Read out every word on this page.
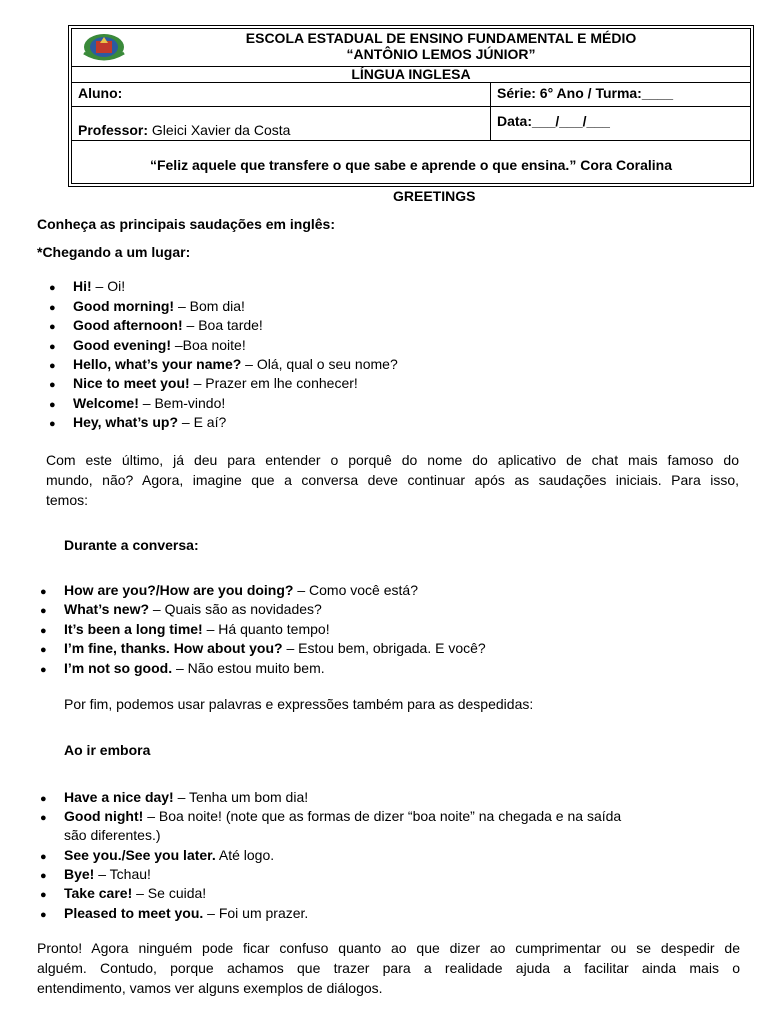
ESCOLA ESTADUAL DE ENSINO FUNDAMENTAL E MÉDIO
“ANTÔNIO LEMOS JÚNIOR”
LÍNGUA INGLESA
Aluno:	Série: 6° Ano / Turma:____
Professor: Gleici Xavier da Costa
Data:___/___/___
“Feliz aquele que transfere o que sabe e aprende o que ensina.” Cora Coralina
GREETINGS
Conheça as principais saudações em inglês:
*Chegando a um lugar:
● Hi! – Oi!
● Good morning! – Bom dia!
● Good afternoon! – Boa tarde!
● Good evening! –Boa noite!
● Hello, what’s your name? – Olá, qual o seu nome?
● Nice to meet you! – Prazer em lhe conhecer!
● Welcome! – Bem-vindo!
● Hey, what’s up? – E aí?
Com este último, já deu para entender o porquê do nome do aplicativo de chat mais famoso do
mundo, não? Agora, imagine que a conversa deve continuar após as saudações iniciais. Para isso,
temos:
Durante a conversa:
● How are you?/How are you doing? – Como você está?
● What’s new? – Quais são as novidades?
● It’s been a long time! – Há quanto tempo!
● I’m fine, thanks. How about you? – Estou bem, obrigada. E você?
● I’m not so good. – Não estou muito bem.
Por fim, podemos usar palavras e expressões também para as despedidas:
Ao ir embora
● Have a nice day! – Tenha um bom dia!
● Good night! – Boa noite! (note que as formas de dizer “boa noite” na chegada e na saída
são diferentes.)
● See you./See you later. Até logo.
● Bye! – Tchau!
● Take care! – Se cuida!
● Pleased to meet you. – Foi um prazer.
Pronto! Agora ninguém pode ficar confuso quanto ao que dizer ao cumprimentar ou se despedir de
alguém. Contudo, porque achamos que trazer para a realidade ajuda a facilitar ainda mais o
entendimento, vamos ver alguns exemplos de diálogos.
